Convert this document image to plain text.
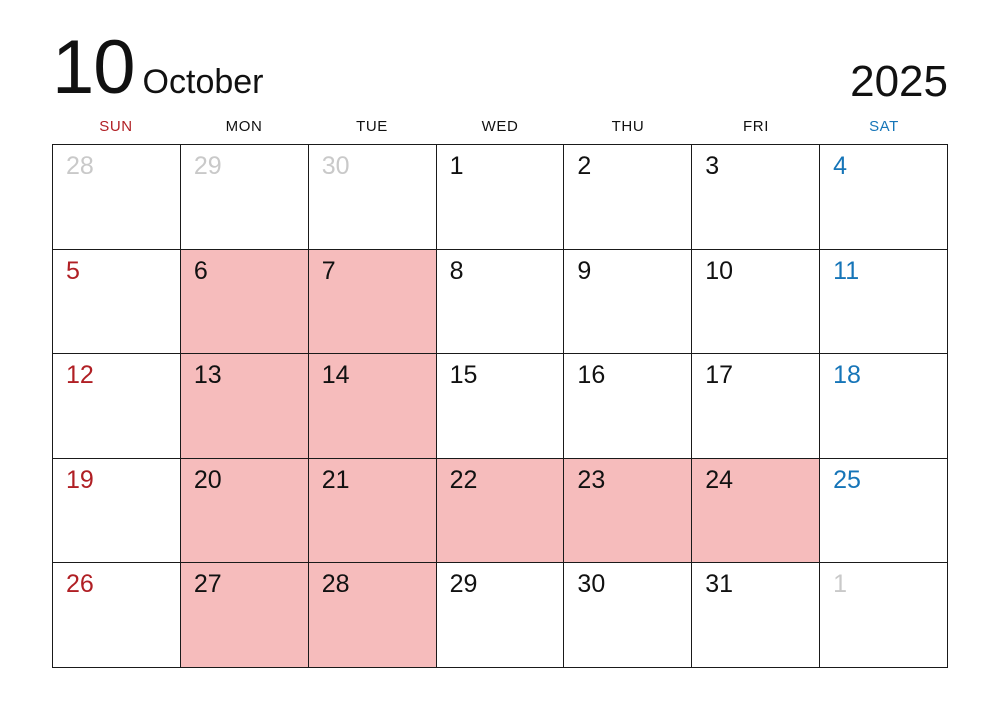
10 October	2025
SUN	MON	TUE	WED	THU	FRI	SAT
28	29	30	1	2	3	4
5	6	7	8	9	10	11
12	13	14	15	16	17	18
19	20	21	22	23	24	25
26	27	28	29	30	31	1
